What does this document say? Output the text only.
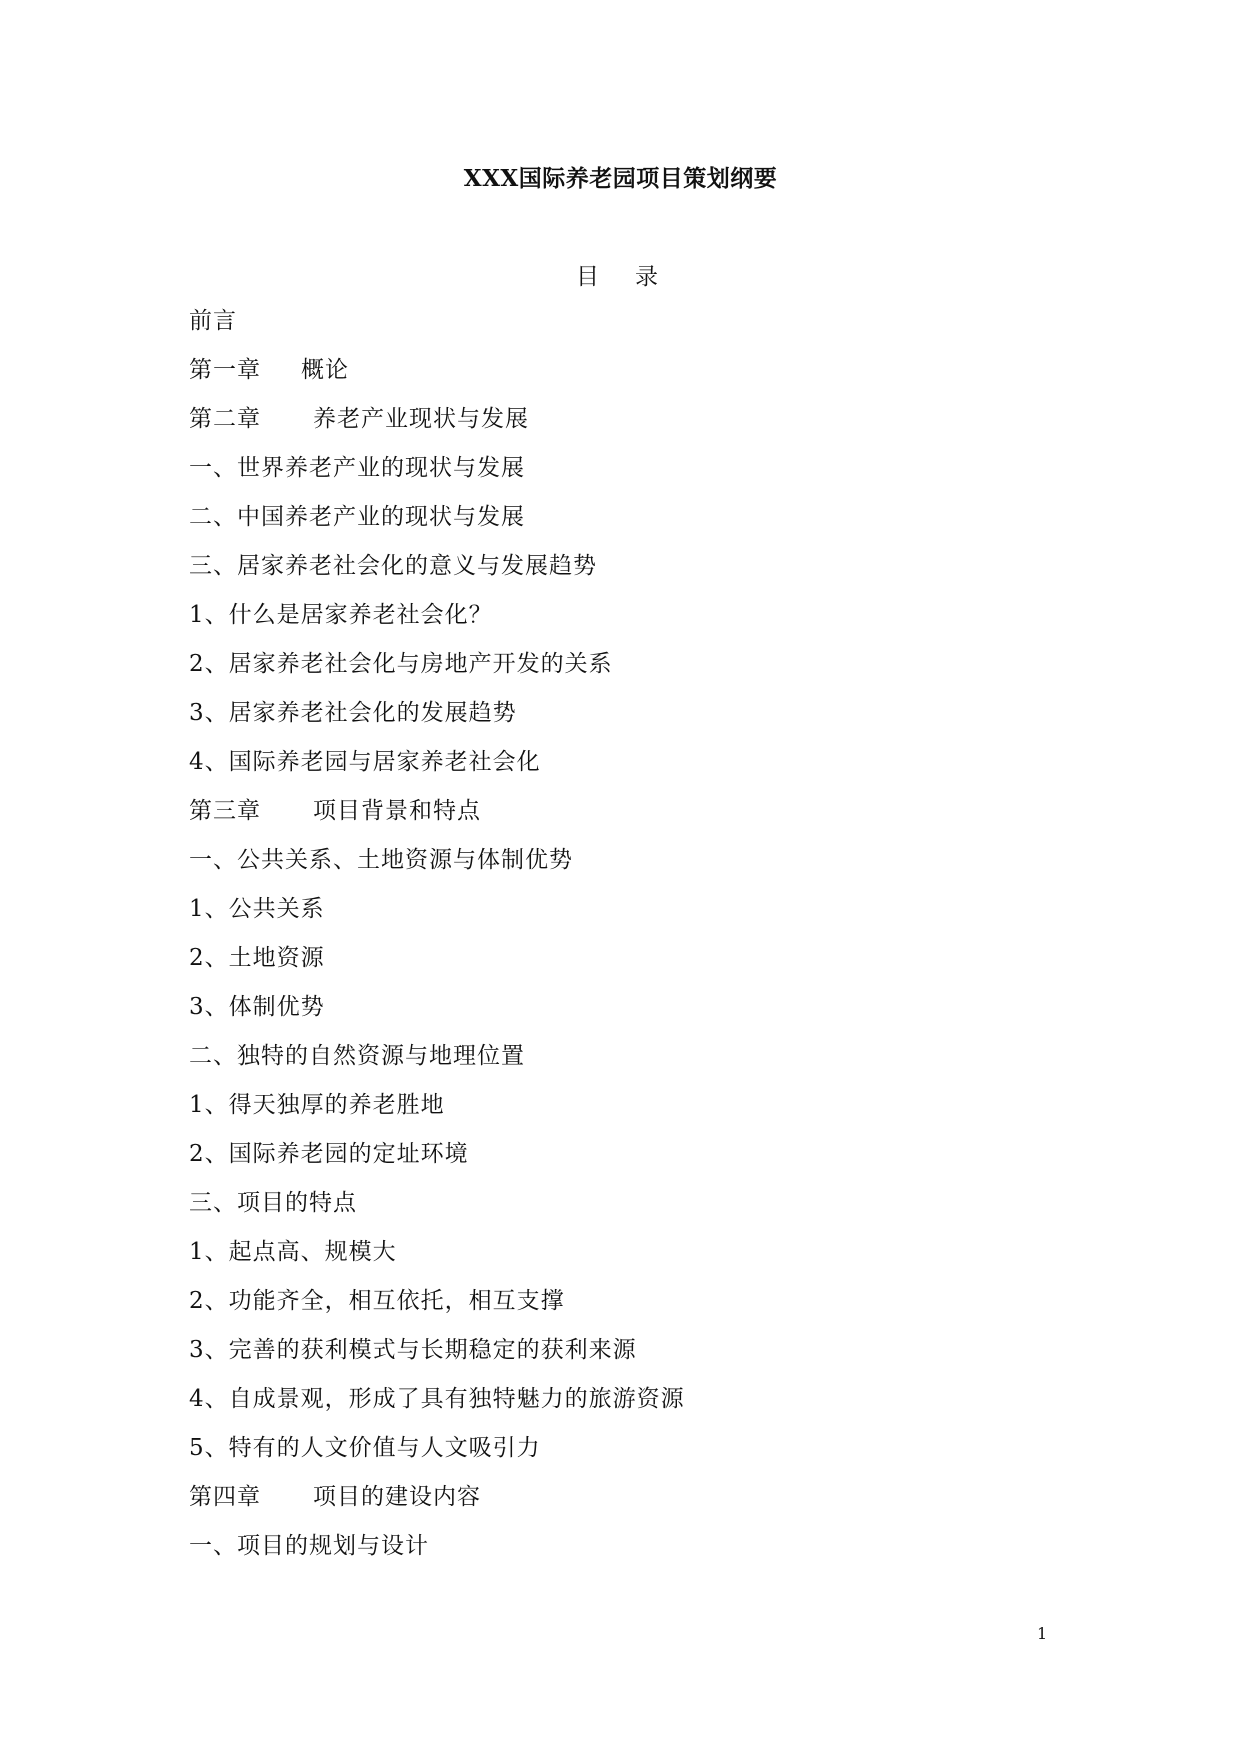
XXX国际养老园项目策划纲要
目录
前言
第一章 概论
第二章 养老产业现状与发展
一、世界养老产业的现状与发展
二、中国养老产业的现状与发展
三、居家养老社会化的意义与发展趋势
1、什么是居家养老社会化？
2、居家养老社会化与房地产开发的关系
3、居家养老社会化的发展趋势
4、国际养老园与居家养老社会化
第三章 项目背景和特点
一、公共关系、土地资源与体制优势
1、公共关系
2、土地资源
3、体制优势
二、独特的自然资源与地理位置
1、得天独厚的养老胜地
2、国际养老园的定址环境
三、项目的特点
1、起点高、规模大
2、功能齐全，相互依托，相互支撑
3、完善的获利模式与长期稳定的获利来源
4、自成景观，形成了具有独特魅力的旅游资源
5、特有的人文价值与人文吸引力
第四章 项目的建设内容
一、项目的规划与设计
1
